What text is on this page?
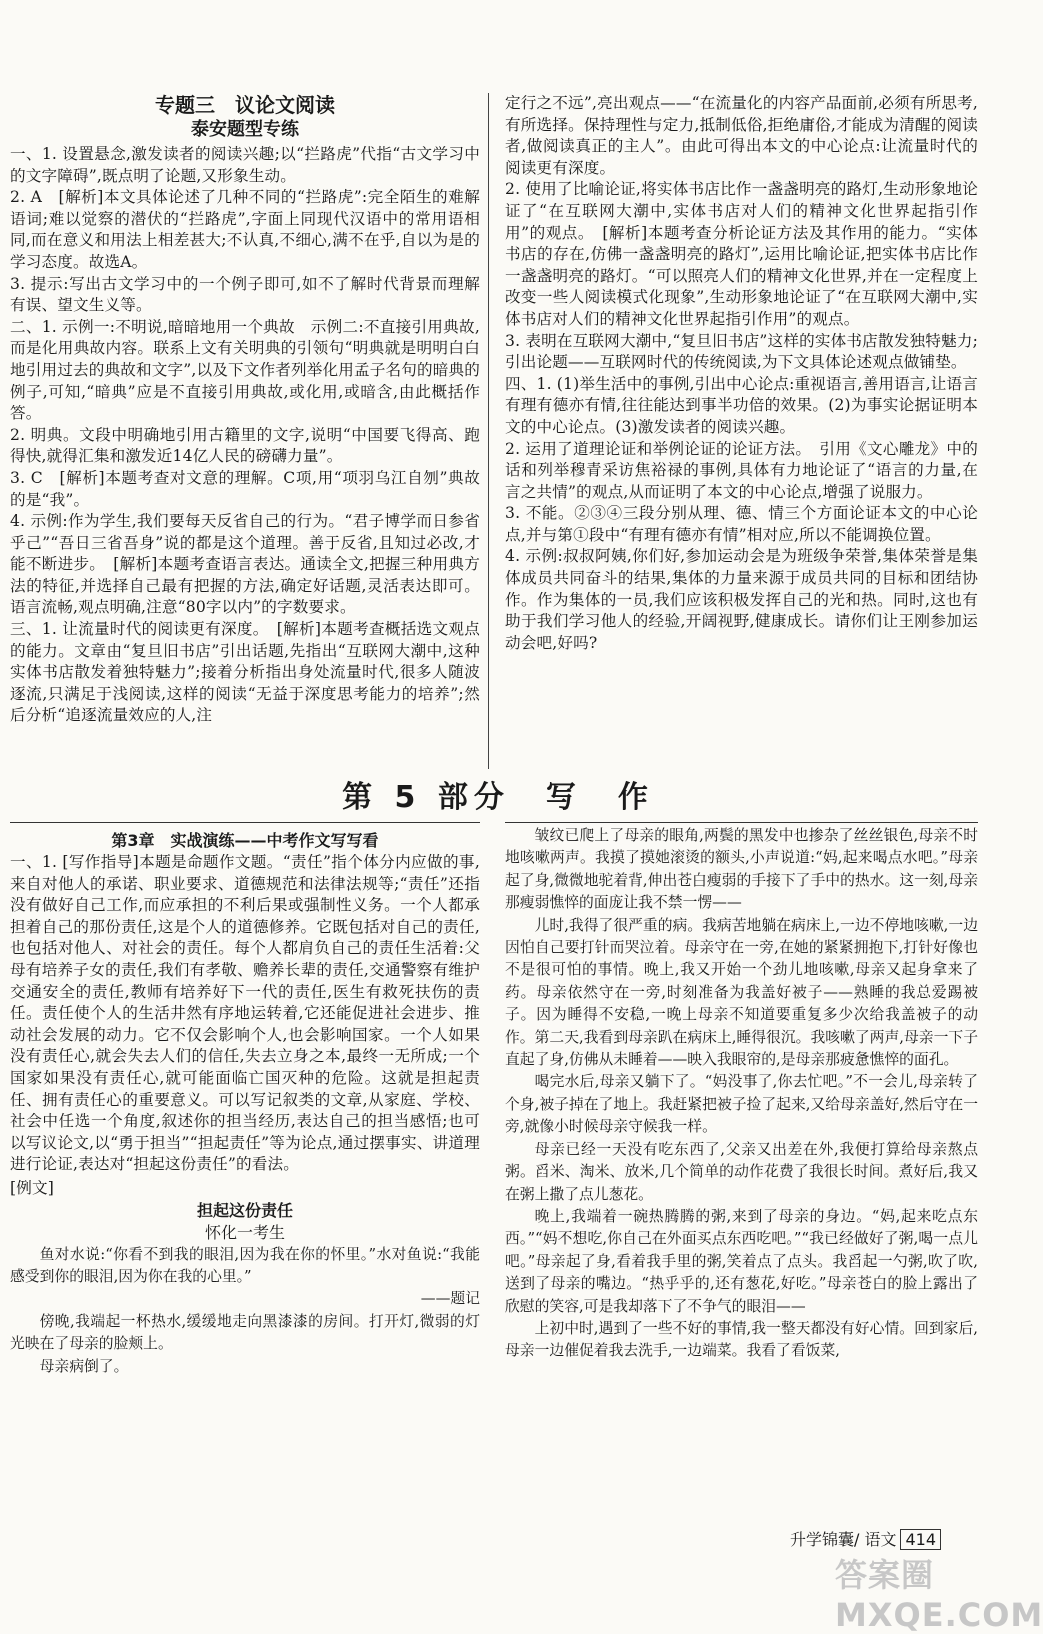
专题三　议论文阅读
泰安题型专练

一、1. 设置悬念,激发读者的阅读兴趣;以“拦路虎”代指“古文学习中的文字障碍”,既点明了论题,又形象生动。

2. A　[解析]本文具体论述了几种不同的“拦路虎”:完全陌生的难解语词;难以觉察的潜伏的“拦路虎”,字面上同现代汉语中的常用语相同,而在意义和用法上相差甚大;不认真,不细心,满不在乎,自以为是的学习态度。故选A。

3. 提示:写出古文学习中的一个例子即可,如不了解时代背景而理解有误、望文生义等。

二、1. 示例一:不明说,暗暗地用一个典故　示例二:不直接引用典故,而是化用典故内容。联系上文有关明典的引领句“明典就是明明白白地引用过去的典故和文字”,以及下文作者列举化用孟子名句的暗典的例子,可知,“暗典”应是不直接引用典故,或化用,或暗含,由此概括作答。

2. 明典。文段中明确地引用古籍里的文字,说明“中国要飞得高、跑得快,就得汇集和激发近14亿人民的磅礴力量”。

3. C　[解析]本题考查对文意的理解。C项,用“项羽乌江自刎”典故的是“我”。

4. 示例:作为学生,我们要每天反省自己的行为。“君子博学而日参省乎己”“吾日三省吾身”说的都是这个道理。善于反省,且知过必改,才能不断进步。　[解析]本题考查语言表达。通读全文,把握三种用典方法的特征,并选择自己最有把握的方法,确定好话题,灵活表达即可。语言流畅,观点明确,注意“80字以内”的字数要求。

三、1. 让流量时代的阅读更有深度。　[解析]本题考查概括选文观点的能力。文章由“复旦旧书店”引出话题,先指出“互联网大潮中,这种实体书店散发着独特魅力”;接着分析指出身处流量时代,很多人随波逐流,只满足于浅阅读,这样的阅读“无益于深度思考能力的培养”;然后分析“追逐流量效应的人,注

定行之不远”,亮出观点——“在流量化的内容产品面前,必须有所思考,有所选择。保持理性与定力,抵制低俗,拒绝庸俗,才能成为清醒的阅读者,做阅读真正的主人”。由此可得出本文的中心论点:让流量时代的阅读更有深度。

2. 使用了比喻论证,将实体书店比作一盏盏明亮的路灯,生动形象地论证了“在互联网大潮中,实体书店对人们的精神文化世界起指引作用”的观点。　[解析]本题考查分析论证方法及其作用的能力。“实体书店的存在,仿佛一盏盏明亮的路灯”,运用比喻论证,把实体书店比作一盏盏明亮的路灯。“可以照亮人们的精神文化世界,并在一定程度上改变一些人阅读模式化现象”,生动形象地论证了“在互联网大潮中,实体书店对人们的精神文化世界起指引作用”的观点。

3. 表明在互联网大潮中,“复旦旧书店”这样的实体书店散发独特魅力;引出论题——互联网时代的传统阅读,为下文具体论述观点做铺垫。

四、1. (1)举生活中的事例,引出中心论点:重视语言,善用语言,让语言有理有德亦有情,往往能达到事半功倍的效果。(2)为事实论据证明本文的中心论点。(3)激发读者的阅读兴趣。

2. 运用了道理论证和举例论证的论证方法。　引用《文心雕龙》中的话和列举穆青采访焦裕禄的事例,具体有力地论证了“语言的力量,在言之共情”的观点,从而证明了本文的中心论点,增强了说服力。

3. 不能。②③④三段分别从理、德、情三个方面论证本文的中心论点,并与第①段中“有理有德亦有情”相对应,所以不能调换位置。

4. 示例:叔叔阿姨,你们好,参加运动会是为班级争荣誉,集体荣誉是集体成员共同奋斗的结果,集体的力量来源于成员共同的目标和团结协作。作为集体的一员,我们应该积极发挥自己的光和热。同时,这也有助于我们学习他人的经验,开阔视野,健康成长。请你们让王刚参加运动会吧,好吗?

第 5 部分　写　作
第3章　实战演练——中考作文写写看

一、1. [写作指导]本题是命题作文题。“责任”指个体分内应做的事,来自对他人的承诺、职业要求、道德规范和法律法规等;“责任”还指没有做好自己工作,而应承担的不利后果或强制性义务。一个人都承担着自己的那份责任,这是个人的道德修养。它既包括对自己的责任,也包括对他人、对社会的责任。每个人都肩负自己的责任生活着:父母有培养子女的责任,我们有孝敬、赡养长辈的责任,交通警察有维护交通安全的责任,教师有培养好下一代的责任,医生有救死扶伤的责任。责任使个人的生活井然有序地运转着,它还能促进社会进步、推动社会发展的动力。它不仅会影响个人,也会影响国家。一个人如果没有责任心,就会失去人们的信任,失去立身之本,最终一无所成;一个国家如果没有责任心,就可能面临亡国灭种的危险。这就是担起责任、拥有责任心的重要意义。可以写记叙类的文章,从家庭、学校、社会中任选一个角度,叙述你的担当经历,表达自己的担当感悟;也可以写议论文,以“勇于担当”“担起责任”等为论点,通过摆事实、讲道理进行论证,表达对“担起这份责任”的看法。

[例文]
担起这份责任
怀化一考生

鱼对水说:“你看不到我的眼泪,因为我在你的怀里。”水对鱼说:“我能感受到你的眼泪,因为你在我的心里。”

——题记

傍晚,我端起一杯热水,缓缓地走向黑漆漆的房间。打开灯,微弱的灯光映在了母亲的脸颊上。

母亲病倒了。

皱纹已爬上了母亲的眼角,两鬓的黑发中也掺杂了丝丝银色,母亲不时地咳嗽两声。我摸了摸她滚烫的额头,小声说道:“妈,起来喝点水吧。”母亲起了身,微微地驼着背,伸出苍白瘦弱的手接下了手中的热水。这一刻,母亲那瘦弱憔悴的面庞让我不禁一愣——

儿时,我得了很严重的病。我病苦地躺在病床上,一边不停地咳嗽,一边因怕自己要打针而哭泣着。母亲守在一旁,在她的紧紧拥抱下,打针好像也不是很可怕的事情。晚上,我又开始一个劲儿地咳嗽,母亲又起身拿来了药。母亲依然守在一旁,时刻准备为我盖好被子——熟睡的我总爱踢被子。因为睡得不安稳,一晚上母亲不知道要重复多少次给我盖被子的动作。第二天,我看到母亲趴在病床上,睡得很沉。我咳嗽了两声,母亲一下子直起了身,仿佛从未睡着——映入我眼帘的,是母亲那疲惫憔悴的面孔。

喝完水后,母亲又躺下了。“妈没事了,你去忙吧。”不一会儿,母亲转了个身,被子掉在了地上。我赶紧把被子捡了起来,又给母亲盖好,然后守在一旁,就像小时候母亲守候我一样。

母亲已经一天没有吃东西了,父亲又出差在外,我便打算给母亲熬点粥。舀米、淘米、放米,几个简单的动作花费了我很长时间。煮好后,我又在粥上撒了点儿葱花。

晚上,我端着一碗热腾腾的粥,来到了母亲的身边。“妈,起来吃点东西。”“妈不想吃,你自己在外面买点东西吃吧。”“我已经做好了粥,喝一点儿吧。”母亲起了身,看着我手里的粥,笑着点了点头。我舀起一勺粥,吹了吹,送到了母亲的嘴边。“热乎乎的,还有葱花,好吃。”母亲苍白的脸上露出了欣慰的笑容,可是我却落下了不争气的眼泪——

上初中时,遇到了一些不好的事情,我一整天都没有好心情。回到家后,母亲一边催促着我去洗手,一边端菜。我看了看饭菜,

升学锦囊/ 语文 414
答案圈 MXQE.COM
